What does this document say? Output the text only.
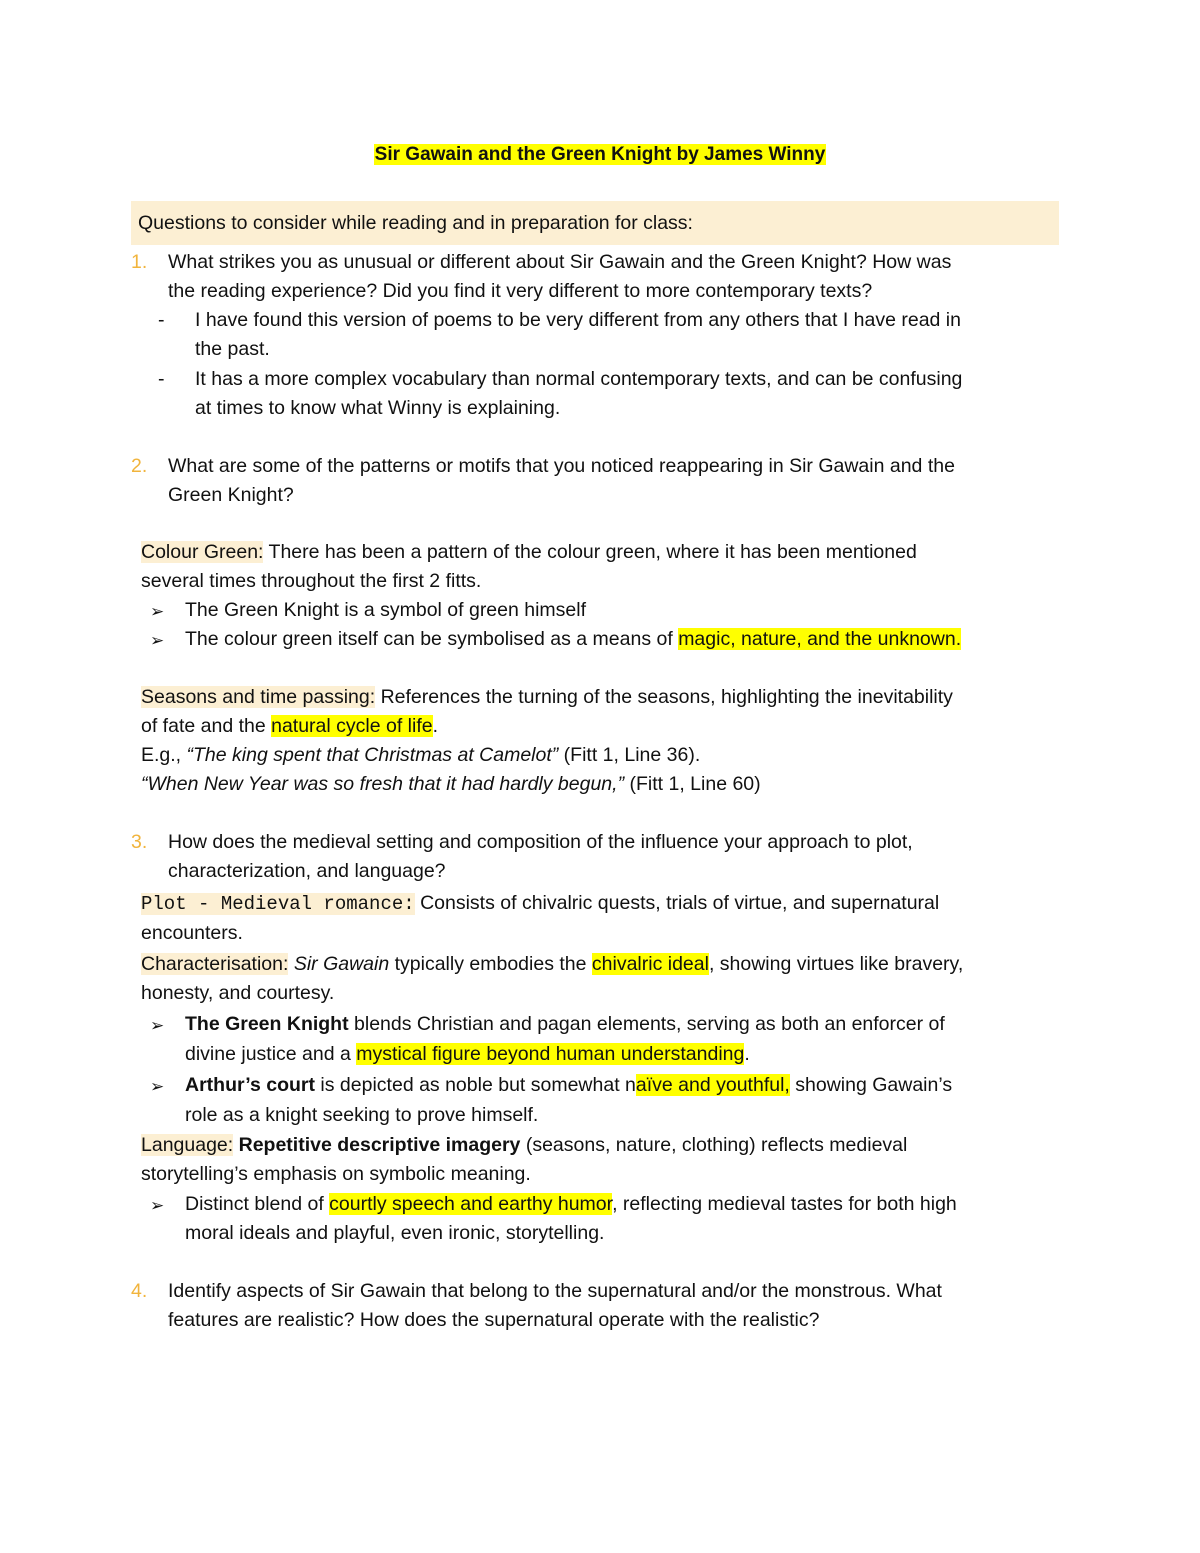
Sir Gawain and the Green Knight by James Winny
Questions to consider while reading and in preparation for class:
1. What strikes you as unusual or different about Sir Gawain and the Green Knight? How was
the reading experience? Did you find it very different to more contemporary texts?
- I have found this version of poems to be very different from any others that I have read in
the past.
- It has a more complex vocabulary than normal contemporary texts, and can be confusing
at times to know what Winny is explaining.
2. What are some of the patterns or motifs that you noticed reappearing in Sir Gawain and the
Green Knight?
Colour Green: There has been a pattern of the colour green, where it has been mentioned
several times throughout the first 2 fitts.
➢ The Green Knight is a symbol of green himself
➢ The colour green itself can be symbolised as a means of magic, nature, and the unknown.
Seasons and time passing: References the turning of the seasons, highlighting the inevitability
of fate and the natural cycle of life.
E.g., “The king spent that Christmas at Camelot” (Fitt 1, Line 36).
“When New Year was so fresh that it had hardly begun,” (Fitt 1, Line 60)
3. How does the medieval setting and composition of the influence your approach to plot,
characterization, and language?
Plot - Medieval romance: Consists of chivalric quests, trials of virtue, and supernatural
encounters.
Characterisation: Sir Gawain typically embodies the chivalric ideal, showing virtues like bravery,
honesty, and courtesy.
➢ The Green Knight blends Christian and pagan elements, serving as both an enforcer of
divine justice and a mystical figure beyond human understanding.
➢ Arthur’s court is depicted as noble but somewhat naïve and youthful, showing Gawain’s
role as a knight seeking to prove himself.
Language: Repetitive descriptive imagery (seasons, nature, clothing) reflects medieval
storytelling’s emphasis on symbolic meaning.
➢ Distinct blend of courtly speech and earthy humor, reflecting medieval tastes for both high
moral ideals and playful, even ironic, storytelling.
4. Identify aspects of Sir Gawain that belong to the supernatural and/or the monstrous. What
features are realistic? How does the supernatural operate with the realistic?
